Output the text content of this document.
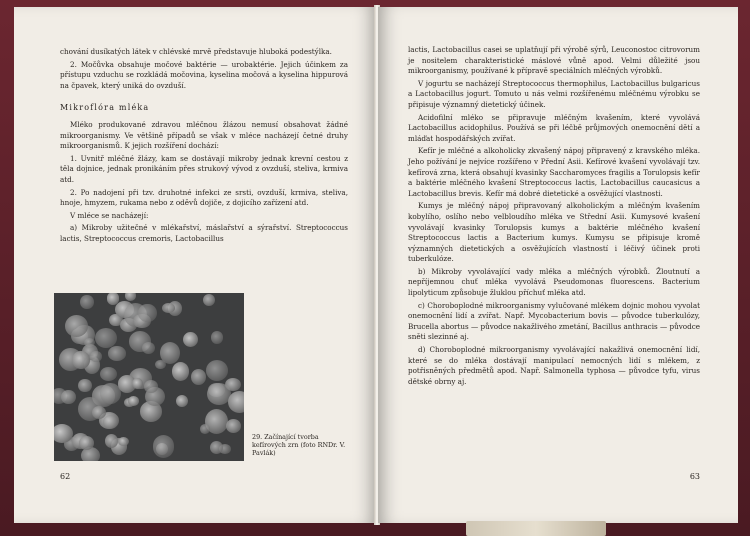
chování dusíkatých látek v chlévské mrvě představuje hluboká podestýlka.

2. Močůvka obsahuje močové baktérie — urobaktérie. Jejich účinkem za přístupu vzduchu se rozkládá močovina, kyselina močová a kyselina hippurová na čpavek, který uniká do ovzduší.

Mikroflóra mléka

Mléko produkované zdravou mléčnou žlázou nemusí obsahovat žádné mikroorganismy. Ve většině případů se však v mléce nacházejí četné druhy mikroorganismů. K jejich rozšíření dochází:

1. Uvnitř mléčné žlázy, kam se dostávají mikroby jednak krevní cestou z těla dojnice, jednak pronikáním přes strukový vývod z ovzduší, steliva, krmiva atd.

2. Po nadojení při tzv. druhotné infekci ze srsti, ovzduší, krmiva, steliva, hnoje, hmyzem, rukama nebo z oděvů dojiče, z dojicího zařízení atd.

V mléce se nacházejí:

a) Mikroby užitečné v mlékařství, máslařství a sýrařství. Streptococcus lactis, Streptococcus cremoris, Lactobacillus

29. Začínající tvorba kefírových zrn (foto RNDr. V. Pavlák)
62

lactis, Lactobacillus casei se uplatňují při výrobě sýrů, Leuconostoc citrovorum je nositelem charakteristické máslové vůně apod. Velmi důležité jsou mikroorganismy, používané k přípravě speciálních mléčných výrobků.

V jogurtu se nacházejí Streptococcus thermophilus, Lactobacillus bulgaricus a Lactobacillus jogurt. Tomuto u nás velmi rozšířenému mléčnému výrobku se připisuje významný dietetický účinek.

Acidofilní mléko se připravuje mléčným kvašením, které vyvolává Lactobacillus acidophilus. Používá se při léčbě průjmových onemocnění dětí a mláďat hospodářských zvířat.

Kefír je mléčné a alkoholicky zkvašený nápoj připravený z kravského mléka. Jeho požívání je nejvíce rozšířeno v Přední Asii. Kefírové kvašení vyvolávají tzv. kefírová zrna, která obsahují kvasinky Saccharomyces fragilis a Torulopsis kefír a baktérie mléčného kvašení Streptococcus lactis, Lactobacillus caucasicus a Lactobacillus brevis. Kefír má dobré dietetické a osvěžující vlastnosti.

Kumys je mléčný nápoj připravovaný alkoholickým a mléčným kvašením kobylího, oslího nebo velbloudího mléka ve Střední Asii. Kumysové kvašení vyvolávají kvasinky Torulopsis kumys a baktérie mléčného kvašení Streptococcus lactis a Bacterium kumys. Kumysu se připisuje kromě významných dietetických a osvěžujících vlastností i léčivý účinek proti tuberkulóze.

b) Mikroby vyvolávající vady mléka a mléčných výrobků. Žloutnutí a nepříjemnou chuť mléka vyvolává Pseudomonas fluorescens. Bacterium lipolyticum způsobuje žluklou příchuť mléka atd.

c) Choroboplodné mikroorganismy vylučované mlékem dojnic mohou vyvolat onemocnění lidí a zvířat. Např. Mycobacterium bovis — původce tuberkulózy, Brucella abortus — původce nakažlivého zmetání, Bacillus anthracis — původce sněti slezinné aj.

d) Choroboplodné mikroorganismy vyvolávající nakažlivá onemocnění lidí, které se do mléka dostávají manipulací nemocných lidí s mlékem, z potřisněných předmětů apod. Např. Salmonella typhosa — původce tyfu, virus dětské obrny aj.

63
